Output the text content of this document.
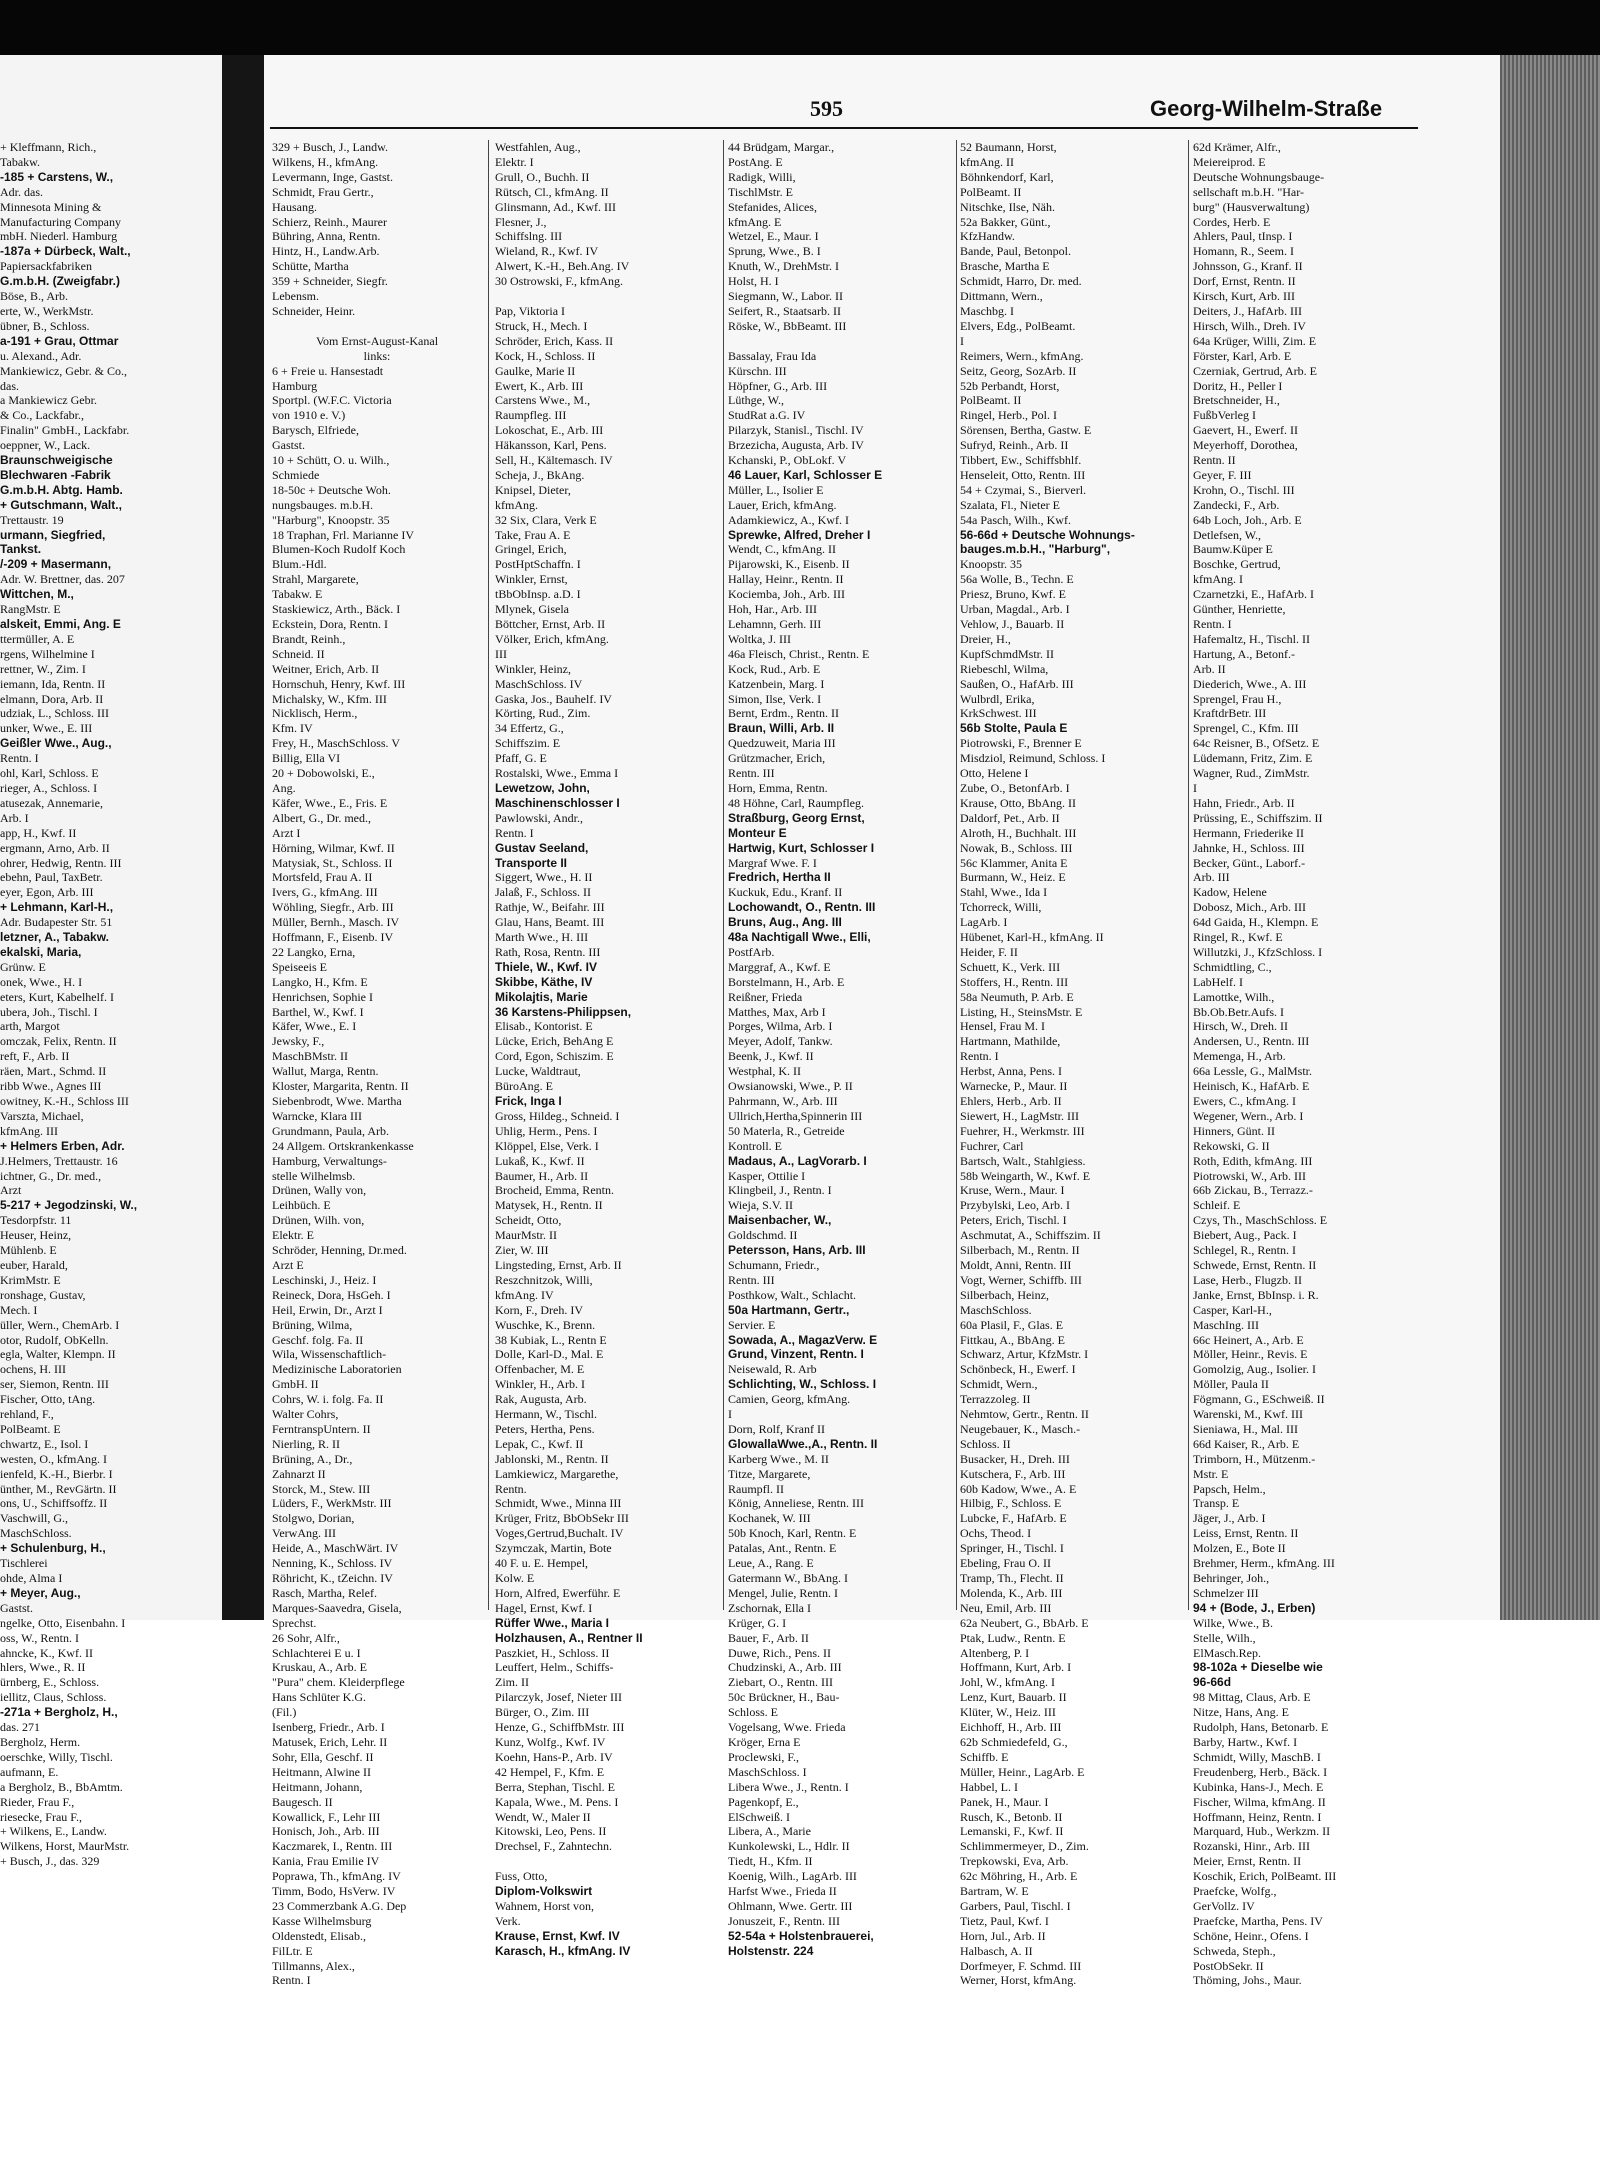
595	Georg-Wilhelm-Straße
+ Kleffmann, Rich.,
Tabakw.
-185 + Carstens, W.,
Adr. das.
Minnesota Mining &
Manufacturing Company
mbH. Niederl. Hamburg
-187a + Dürbeck, Walt.,
Papiersackfabriken
G.m.b.H. (Zweigfabr.)
Böse, B., Arb.
erte, W., WerkMstr.
übner, B., Schloss.
a-191 + Grau, Ottmar
u. Alexand., Adr.
Mankiewicz, Gebr. & Co.,
das.
a Mankiewicz Gebr.
& Co., Lackfabr.,
Finalin" GmbH., Lackfabr.
oeppner, W., Lack.
Braunschweigische
Blechwaren -Fabrik
G.m.b.H. Abtg. Hamb.
+ Gutschmann, Walt.,
Trettaustr. 19
urmann, Siegfried,
Tankst.
/-209 + Masermann,
Adr. W. Brettner, das. 207
Wittchen, M.,
RangMstr. E
alskeit, Emmi, Ang. E
ttermüller, A. E
rgens, Wilhelmine I
rettner, W., Zim. I
iemann, Ida, Rentn. II
elmann, Dora, Arb. II
udziak, L., Schloss. III
unker, Wwe., E. III
Geißler Wwe., Aug.,
Rentn. I
ohl, Karl, Schloss. E
rieger, A., Schloss. I
atusezak, Annemarie,
Arb. I
app, H., Kwf. II
ergmann, Arno, Arb. II
ohrer, Hedwig, Rentn. III
ebehn, Paul, TaxBetr.
eyer, Egon, Arb. III
+ Lehmann, Karl-H.,
Adr. Budapester Str. 51
letzner, A., Tabakw.
ekalski, Maria,
Grünw. E
onek, Wwe., H. I
eters, Kurt, Kabelhelf. I
ubera, Joh., Tischl. I
arth, Margot
omczak, Felix, Rentn. II
reft, F., Arb. II
räen, Mart., Schmd. II
ribb Wwe., Agnes III
owitney, K.-H., Schloss III
Varszta, Michael,
kfmAng. III
+ Helmers Erben, Adr.
J.Helmers, Trettaustr. 16
ichtner, G., Dr. med.,
Arzt
5-217 + Jegodzinski, W.,
Tesdorpfstr. 11
Heuser, Heinz,
Mühlenb. E
euber, Harald,
KrimMstr. E
ronshage, Gustav,
Mech. I
üller, Wern., ChemArb. I
otor, Rudolf, ObKelln.
egla, Walter, Klempn. II
ochens, H. III
ser, Siemon, Rentn. III
Fischer, Otto, tAng.
rehland, F.,
PolBeamt. E
chwartz, E., Isol. I
westen, O., kfmAng. I
ienfeld, K.-H., Bierbr. I
ünther, M., RevGärtn. II
ons, U., Schiffsoffz. II
Vaschwill, G.,
MaschSchloss.
+ Schulenburg, H.,
Tischlerei
ohde, Alma I
+ Meyer, Aug.,
Gastst.
ngelke, Otto, Eisenbahn. I
oss, W., Rentn. I
ahncke, K., Kwf. II
hlers, Wwe., R. II
ürnberg, E., Schloss.
iellitz, Claus, Schloss.
-271a + Bergholz, H.,
das. 271
Bergholz, Herm.
oerschke, Willy, Tischl.
aufmann, E.
a Bergholz, B., BbAmtm.
Rieder, Frau F.,
riesecke, Frau F.,
+ Wilkens, E., Landw.
Wilkens, Horst, MaurMstr.
+ Busch, J., das. 329
329 + Busch, J., Landw.
Wilkens, H., kfmAng.
Levermann, Inge, Gastst.
Schmidt, Frau Gertr.,
Hausang.
Schierz, Reinh., Maurer
Bühring, Anna, Rentn.
Hintz, H., Landw.Arb.
Schütte, Martha
359 + Schneider, Siegfr.
Lebensm.
Schneider, Heinr.

Vom Ernst-August-Kanal
links:
6 + Freie u. Hansestadt
Hamburg
Sportpl. (W.F.C. Victoria
von 1910 e. V.)
Barysch, Elfriede,
Gastst.
10 + Schütt, O. u. Wilh.,
Schmiede
18-50c + Deutsche Woh.
nungsbauges. m.b.H.
"Harburg", Knoopstr. 35
18 Traphan, Frl. Marianne IV
Blumen-Koch Rudolf Koch
Blum.-Hdl.
Strahl, Margarete,
Tabakw. E
Staskiewicz, Arth., Bäck. I
Eckstein, Dora, Rentn. I
Brandt, Reinh.,
Schneid. II
Weitner, Erich, Arb. II
Hornschuh, Henry, Kwf. III
Michalsky, W., Kfm. III
Nicklisch, Herm.,
Kfm. IV
Frey, H., MaschSchloss. V
Billig, Ella VI
20 + Dobowolski, E.,
Ang.
Käfer, Wwe., E., Fris. E
Albert, G., Dr. med.,
Arzt I
Hörning, Wilmar, Kwf. II
Matysiak, St., Schloss. II
Mortsfeld, Frau A. II
Ivers, G., kfmAng. III
Wöhling, Siegfr., Arb. III
Müller, Bernh., Masch. IV
Hoffmann, F., Eisenb. IV
22 Langko, Erna,
Speiseeis E
Langko, H., Kfm. E
Henrichsen, Sophie I
Barthel, W., Kwf. I
Käfer, Wwe., E. I
Jewsky, F.,
MaschBMstr. II
Wallut, Marga, Rentn.
Kloster, Margarita, Rentn. II
Siebenbrodt, Wwe. Martha
Warncke, Klara III
Grundmann, Paula, Arb.
24 Allgem. Ortskrankenkasse
Hamburg, Verwaltungs-
stelle Wilhelmsb.
Drünen, Wally von,
Leihbüch. E
Drünen, Wilh. von,
Elektr. E
Schröder, Henning, Dr.med.
Arzt E
Leschinski, J., Heiz. I
Reineck, Dora, HsGeh. I
Heil, Erwin, Dr., Arzt I
Brüning, Wilma,
Geschf. folg. Fa. II
Wila, Wissenschaftlich-
Medizinische Laboratorien
GmbH. II
Cohrs, W. i. folg. Fa. II
Walter Cohrs,
FerntranspUntern. II
Nierling, R. II
Brüning, A., Dr.,
Zahnarzt II
Storck, M., Stew. III
Lüders, F., WerkMstr. III
Stolgwo, Dorian,
VerwAng. III
Heide, A., MaschWärt. IV
Nenning, K., Schloss. IV
Röhricht, K., tZeichn. IV
Rasch, Martha, Relef.
Marques-Saavedra, Gisela,
Sprechst.
26 Sohr, Alfr.,
Schlachterei E u. I
Kruskau, A., Arb. E
"Pura" chem. Kleiderpflege
Hans Schlüter K.G.
(Fil.)
Isenberg, Friedr., Arb. I
Matusek, Erich, Lehr. II
Sohr, Ella, Geschf. II
Heitmann, Alwine II
Heitmann, Johann,
Baugesch. II
Kowallick, F., Lehr III
Honisch, Joh., Arb. III
Kaczmarek, I., Rentn. III
Kania, Frau Emilie IV
Poprawa, Th., kfmAng. IV
Timm, Bodo, HsVerw. IV
23 Commerzbank A.G. Dep
Kasse Wilhelmsburg
Oldenstedt, Elisab.,
FilLtr. E
Tillmanns, Alex.,
Rentn. I
Westfahlen, Aug.,
Elektr. I
Grull, O., Buchh. II
Rütsch, Cl., kfmAng. II
Glinsmann, Ad., Kwf. III
Flesner, J.,
Schiffslng. III
Wieland, R., Kwf. IV
Alwert, K.-H., Beh.Ang. IV
30 Ostrowski, F., kfmAng.

Pap, Viktoria I
Struck, H., Mech. I
Schröder, Erich, Kass. II
Kock, H., Schloss. II
Gaulke, Marie II
Ewert, K., Arb. III
Carstens Wwe., M.,
Raumpfleg. III
Lokoschat, E., Arb. III
Häkansson, Karl, Pens.
Sell, H., Kältemasch. IV
Scheja, J., BkAng.
Knipsel, Dieter,
kfmAng.
32 Six, Clara, Verk E
Take, Frau A. E
Gringel, Erich,
PostHptSchaffn. I
Winkler, Ernst,
tBbObInsp. a.D. I
Mlynek, Gisela
Böttcher, Ernst, Arb. II
Völker, Erich, kfmAng.
III
Winkler, Heinz,
MaschSchloss. IV
Gaska, Jos., Bauhelf. IV
Körting, Rud., Zim.
34 Effertz, G.,
Schiffszim. E
Pfaff, G. E
Rostalski, Wwe., Emma I
Lewetzow, John,
Maschinenschlosser I
Pawlowski, Andr.,
Rentn. I
Gustav Seeland,
Transporte II
Siggert, Wwe., H. II
Jalaß, F., Schloss. II
Rathje, W., Beifahr. III
Glau, Hans, Beamt. III
Marth Wwe., H. III
Rath, Rosa, Rentn. III
Thiele, W., Kwf. IV
Skibbe, Käthe, IV
Mikolajtis, Marie
36 Karstens-Philippsen,
Elisab., Kontorist. E
Lücke, Erich, BehAng E
Cord, Egon, Schiszim. E
Lucke, Waldtraut,
BüroAng. E
Frick, Inga I
Gross, Hildeg., Schneid. I
Uhlig, Herm., Pens. I
Klöppel, Else, Verk. I
Lukaß, K., Kwf. II
Baumer, H., Arb. II
Brocheid, Emma, Rentn.
Matysek, H., Rentn. II
Scheidt, Otto,
MaurMstr. II
Zier, W. III
Lingsteding, Ernst, Arb. II
Reszchnitzok, Willi,
kfmAng. IV
Korn, F., Dreh. IV
Wuschke, K., Brenn.
38 Kubiak, L., Rentn E
Dolle, Karl-D., Mal. E
Offenbacher, M. E
Winkler, H., Arb. I
Rak, Augusta, Arb.
Hermann, W., Tischl.
Peters, Hertha, Pens.
Lepak, C., Kwf. II
Jablonski, M., Rentn. II
Lamkiewicz, Margarethe,
Rentn.
Schmidt, Wwe., Minna III
Krüger, Fritz, BbObSekr III
Voges,Gertrud,Buchalt. IV
Szymczak, Martin, Bote
40 F. u. E. Hempel,
Kolw. E
Horn, Alfred, Ewerführ. E
Hagel, Ernst, Kwf. I
Rüffer Wwe., Maria I
Holzhausen, A., Rentner II
Paszkiet, H., Schloss. II
Leuffert, Helm., Schiffs-
Zim. II
Pilarczyk, Josef, Nieter III
Bürger, O., Zim. III
Henze, G., SchiffbMstr. III
Kunz, Wolfg., Kwf. IV
Koehn, Hans-P., Arb. IV
42 Hempel, F., Kfm. E
Berra, Stephan, Tischl. E
Kapala, Wwe., M. Pens. I
Wendt, W., Maler II
Kitowski, Leo, Pens. II
Drechsel, F., Zahntechn.

Fuss, Otto,
Diplom-Volkswirt
Wahnem, Horst von,
Verk.
Krause, Ernst, Kwf. IV
Karasch, H., kfmAng. IV
44 Brüdgam, Margar.,
PostAng. E
Radigk, Willi,
TischlMstr. E
Stefanides, Alices,
kfmAng. E
Wetzel, E., Maur. I
Sprung, Wwe., B. I
Knuth, W., DrehMstr. I
Holst, H. I
Siegmann, W., Labor. II
Seifert, R., Staatsarb. II
Röske, W., BbBeamt. III

Bassalay, Frau Ida
Kürschn. III
Höpfner, G., Arb. III
Lüthge, W.,
StudRat a.G. IV
Pilarzyk, Stanisl., Tischl. IV
Brzezicha, Augusta, Arb. IV
Kchanski, P., ObLokf. V
46 Lauer, Karl, Schlosser E
Müller, L., Isolier E
Lauer, Erich, kfmAng.
Adamkiewicz, A., Kwf. I
Sprewke, Alfred, Dreher I
Wendt, C., kfmAng. II
Pijarowski, K., Eisenb. II
Hallay, Heinr., Rentn. II
Kociemba, Joh., Arb. III
Hoh, Har., Arb. III
Lehamnn, Gerh. III
Woltka, J. III
46a Fleisch, Christ., Rentn. E
Kock, Rud., Arb. E
Katzenbein, Marg. I
Simon, Ilse, Verk. I
Bernt, Erdm., Rentn. II
Braun, Willi, Arb. II
Quedzuweit, Maria III
Grützmacher, Erich,
Rentn. III
Horn, Emma, Rentn.
48 Höhne, Carl, Raumpfleg.
Straßburg, Georg Ernst,
Monteur E
Hartwig, Kurt, Schlosser I
Margraf Wwe. F. I
Fredrich, Hertha II
Kuckuk, Edu., Kranf. II
Lochowandt, O., Rentn. III
Bruns, Aug., Ang. III
48a Nachtigall Wwe., Elli,
PostfArb.
Marggraf, A., Kwf. E
Borstelmann, H., Arb. E
Reißner, Frieda
Matthes, Max, Arb I
Porges, Wilma, Arb. I
Meyer, Adolf, Tankw.
Beenk, J., Kwf. II
Westphal, K. II
Owsianowski, Wwe., P. II
Pahrmann, W., Arb. III
Ullrich,Hertha,Spinnerin III
50 Materla, R., Getreide
Kontroll. E
Madaus, A., LagVorarb. I
Kasper, Ottilie I
Klingbeil, J., Rentn. I
Wieja, S.V. II
Maisenbacher, W.,
Goldschmd. II
Petersson, Hans, Arb. III
Schumann, Friedr.,
Rentn. III
Posthkow, Walt., Schlacht.
50a Hartmann, Gertr.,
Servier. E
Sowada, A., MagazVerw. E
Grund, Vinzent, Rentn. I
Neisewald, R. Arb
Schlichting, W., Schloss. I
Camien, Georg, kfmAng.
I
Dorn, Rolf, Kranf II
GlowallaWwe.,A., Rentn. II
Karberg Wwe., M. II
Titze, Margarete,
Raumpfl. II
König, Anneliese, Rentn. III
Kochanek, W. III
50b Knoch, Karl, Rentn. E
Patalas, Ant., Rentn. E
Leue, A., Rang. E
Gatermann W., BbAng. I
Mengel, Julie, Rentn. I
Zschornak, Ella I
Krüger, G. I
Bauer, F., Arb. II
Duwe, Rich., Pens. II
Chudzinski, A., Arb. III
Ziebart, O., Rentn. III
50c Brückner, H., Bau-
Schloss. E
Vogelsang, Wwe. Frieda
Kröger, Erna E
Proclewski, F.,
MaschSchloss. I
Libera Wwe., J., Rentn. I
Pagenkopf, E.,
ElSchweiß. I
Libera, A., Marie
Kunkolewski, L., Hdlr. II
Tiedt, H., Kfm. II
Koenig, Wilh., LagArb. III
Harfst Wwe., Frieda II
Ohlmann, Wwe. Gertr. III
Jonuszeit, F., Rentn. III
52-54a + Holstenbrauerei,
Holstenstr. 224
52 Baumann, Horst,
kfmAng. II
Böhnkendorf, Karl,
PolBeamt. II
Nitschke, Ilse, Näh.
52a Bakker, Günt.,
KfzHandw.
Bande, Paul, Betonpol.
Brasche, Martha E
Schmidt, Harro, Dr. med.
Dittmann, Wern.,
Maschbg. I
Elvers, Edg., PolBeamt.
I
Reimers, Wern., kfmAng.
Seitz, Georg, SozArb. II
52b Perbandt, Horst,
PolBeamt. II
Ringel, Herb., Pol. I
Sörensen, Bertha, Gastw. E
Sufryd, Reinh., Arb. II
Tibbert, Ew., Schiffsbhlf.
Henseleit, Otto, Rentn. III
54 + Czymai, S., Bierverl.
Szalata, Fl., Nieter E
54a Pasch, Wilh., Kwf.
56-66d + Deutsche Wohnungs-
bauges.m.b.H., "Harburg",
Knoopstr. 35
56a Wolle, B., Techn. E
Priesz, Bruno, Kwf. E
Urban, Magdal., Arb. I
Vehlow, J., Bauarb. II
Dreier, H.,
KupfSchmdMstr. II
Riebeschl, Wilma,
Saußen, O., HafArb. III
Wulbrdl, Erika,
KrkSchwest. III
56b Stolte, Paula E
Piotrowski, F., Brenner E
Misdziol, Reimund, Schloss. I
Otto, Helene I
Zube, O., BetonfArb. I
Krause, Otto, BbAng. II
Daldorf, Pet., Arb. II
Alroth, H., Buchhalt. III
Nowak, B., Schloss. III
56c Klammer, Anita E
Burmann, W., Heiz. E
Stahl, Wwe., Ida I
Tchorreck, Willi,
LagArb. I
Hübenet, Karl-H., kfmAng. II
Heider, F. II
Schuett, K., Verk. III
Stoffers, H., Rentn. III
58a Neumuth, P. Arb. E
Listing, H., SteinsMstr. E
Hensel, Frau M. I
Hartmann, Mathilde,
Rentn. I
Herbst, Anna, Pens. I
Warnecke, P., Maur. II
Ehlers, Herb., Arb. II
Siewert, H., LagMstr. III
Fuehrer, H., Werkmstr. III
Fuchrer, Carl
Bartsch, Walt., Stahlgiess.
58b Weingarth, W., Kwf. E
Kruse, Wern., Maur. I
Przybylski, Leo, Arb. I
Peters, Erich, Tischl. I
Aschmutat, A., Schiffszim. II
Silberbach, M., Rentn. II
Moldt, Anni, Rentn. III
Vogt, Werner, Schiffb. III
Silberbach, Heinz,
MaschSchloss.
60a Plasil, F., Glas. E
Fittkau, A., BbAng. E
Schwarz, Artur, KfzMstr. I
Schönbeck, H., Ewerf. I
Schmidt, Wern.,
Terrazzoleg. II
Nehmtow, Gertr., Rentn. II
Neugebauer, K., Masch.-
Schloss. II
Busacker, H., Dreh. III
Kutschera, F., Arb. III
60b Kadow, Wwe., A. E
Hilbig, F., Schloss. E
Lubcke, F., HafArb. E
Ochs, Theod. I
Springer, H., Tischl. I
Ebeling, Frau O. II
Tramp, Th., Flecht. II
Molenda, K., Arb. III
Neu, Emil, Arb. III
62a Neubert, G., BbArb. E
Ptak, Ludw., Rentn. E
Altenberg, P. I
Hoffmann, Kurt, Arb. I
Johl, W., kfmAng. I
Lenz, Kurt, Bauarb. II
Klüter, W., Heiz. III
Eichhoff, H., Arb. III
62b Schmiedefeld, G.,
Schiffb. E
Müller, Heinr., LagArb. E
Habbel, L. I
Panek, H., Maur. I
Rusch, K., Betonb. II
Lemanski, F., Kwf. II
Schlimmermeyer, D., Zim.
Trepkowski, Eva, Arb.
62c Möhring, H., Arb. E
Bartram, W. E
Garbers, Paul, Tischl. I
Tietz, Paul, Kwf. I
Horn, Jul., Arb. II
Halbasch, A. II
Dorfmeyer, F. Schmd. III
Werner, Horst, kfmAng.
62d Krämer, Alfr.,
Meiereiprod. E
Deutsche Wohnungsbauge-
sellschaft m.b.H. "Har-
burg" (Hausverwaltung)
Cordes, Herb. E
Ahlers, Paul, tInsp. I
Homann, R., Seem. I
Johnsson, G., Kranf. II
Dorf, Ernst, Rentn. II
Kirsch, Kurt, Arb. III
Deiters, J., HafArb. III
Hirsch, Wilh., Dreh. IV
64a Krüger, Willi, Zim. E
Förster, Karl, Arb. E
Czerniak, Gertrud, Arb. E
Doritz, H., Peller I
Bretschneider, H.,
FußbVerleg I
Gaevert, H., Ewerf. II
Meyerhoff, Dorothea,
Rentn. II
Geyer, F. III
Krohn, O., Tischl. III
Zandecki, F., Arb.
64b Loch, Joh., Arb. E
Detlefsen, W.,
Baumw.Küper E
Boschke, Gertrud,
kfmAng. I
Czarnetzki, E., HafArb. I
Günther, Henriette,
Rentn. I
Hafemaltz, H., Tischl. II
Hartung, A., Betonf.-
Arb. II
Diederich, Wwe., A. III
Sprengel, Frau H.,
KraftdrBetr. III
Sprengel, C., Kfm. III
64c Reisner, B., OfSetz. E
Lüdemann, Fritz, Zim. E
Wagner, Rud., ZimMstr.
I
Hahn, Friedr., Arb. II
Prüssing, E., Schiffszim. II
Hermann, Friederike II
Jahnke, H., Schloss. III
Becker, Günt., Laborf.-
Arb. III
Kadow, Helene
Dobosz, Mich., Arb. III
64d Gaida, H., Klempn. E
Ringel, R., Kwf. E
Willutzki, J., KfzSchloss. I
Schmidtling, C.,
LabHelf. I
Lamottke, Wilh.,
Bb.Ob.Betr.Aufs. I
Hirsch, W., Dreh. II
Andersen, U., Rentn. III
Memenga, H., Arb.
66a Lessle, G., MalMstr.
Heinisch, K., HafArb. E
Ewers, C., kfmAng. I
Wegener, Wern., Arb. I
Hinners, Günt. II
Rekowski, G. II
Roth, Edith, kfmAng. III
Piotrowski, W., Arb. III
66b Zickau, B., Terrazz.-
Schleif. E
Czys, Th., MaschSchloss. E
Biebert, Aug., Pack. I
Schlegel, R., Rentn. I
Schwede, Ernst, Rentn. II
Lase, Herb., Flugzb. II
Janke, Ernst, BbInsp. i. R.
Casper, Karl-H.,
MaschIng. III
66c Heinert, A., Arb. E
Möller, Heinr., Revis. E
Gomolzig, Aug., Isolier. I
Möller, Paula II
Fögmann, G., ESchweiß. II
Warenski, M., Kwf. III
Sieniawa, H., Mal. III
66d Kaiser, R., Arb. E
Trimborn, H., Mützenm.-
Mstr. E
Papsch, Helm.,
Transp. E
Jäger, J., Arb. I
Leiss, Ernst, Rentn. II
Molzen, E., Bote II
Brehmer, Herm., kfmAng. III
Behringer, Joh.,
Schmelzer III
94 + (Bode, J., Erben)
Wilke, Wwe., B.
Stelle, Wilh.,
ElMasch.Rep.
98-102a + Dieselbe wie
96-66d
98 Mittag, Claus, Arb. E
Nitze, Hans, Ang. E
Rudolph, Hans, Betonarb. E
Barby, Hartw., Kwf. I
Schmidt, Willy, MaschB. I
Freudenberg, Herb., Bäck. I
Kubinka, Hans-J., Mech. E
Fischer, Wilma, kfmAng. II
Hoffmann, Heinz, Rentn. I
Marquard, Hub., Werkzm. II
Rozanski, Hinr., Arb. III
Meier, Ernst, Rentn. II
Koschik, Erich, PolBeamt. III
Praefcke, Wolfg.,
GerVollz. IV
Praefcke, Martha, Pens. IV
Schöne, Heinr., Ofens. I
Schweda, Steph.,
PostObSekr. II
Thöming, Johs., Maur.
